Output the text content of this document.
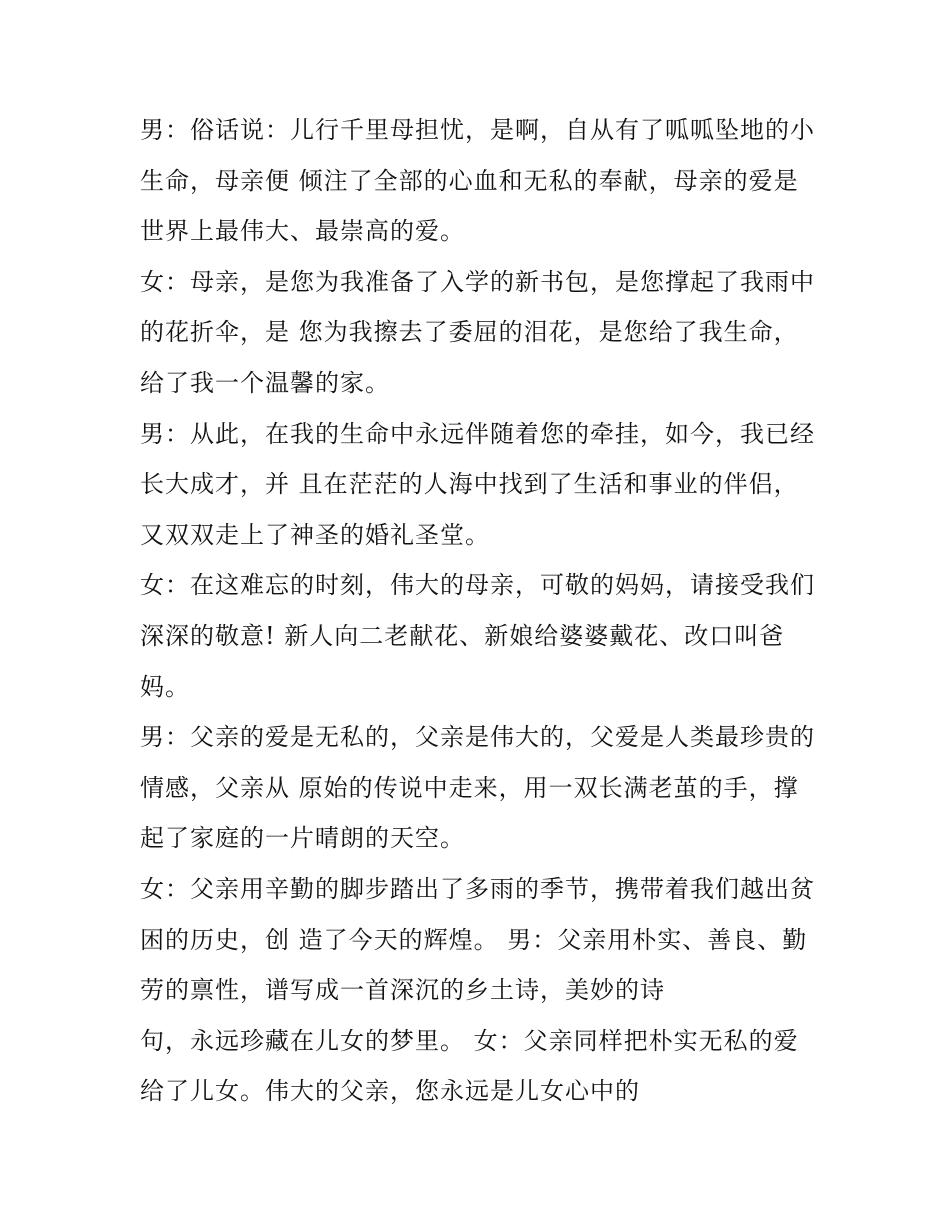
男：俗话说：儿行千里母担忧，是啊，自从有了呱呱坠地的小
生命，母亲便 倾注了全部的心血和无私的奉献，母亲的爱是
世界上最伟大、最崇高的爱。
女：母亲，是您为我准备了入学的新书包，是您撑起了我雨中
的花折伞，是 您为我擦去了委屈的泪花，是您给了我生命，
给了我一个温馨的家。
男：从此，在我的生命中永远伴随着您的牵挂，如今，我已经
长大成才，并 且在茫茫的人海中找到了生活和事业的伴侣，
又双双走上了神圣的婚礼圣堂。
女：在这难忘的时刻，伟大的母亲，可敬的妈妈，请接受我们
深深的敬意! 新人向二老献花、新娘给婆婆戴花、改口叫爸
妈。
男：父亲的爱是无私的，父亲是伟大的，父爱是人类最珍贵的
情感，父亲从 原始的传说中走来，用一双长满老茧的手，撑
起了家庭的一片晴朗的天空。
女：父亲用辛勤的脚步踏出了多雨的季节，携带着我们越出贫
困的历史，创 造了今天的辉煌。 男：父亲用朴实、善良、勤
劳的禀性，谱写成一首深沉的乡土诗，美妙的诗
句，永远珍藏在儿女的梦里。 女：父亲同样把朴实无私的爱
给了儿女。伟大的父亲，您永远是儿女心中的
